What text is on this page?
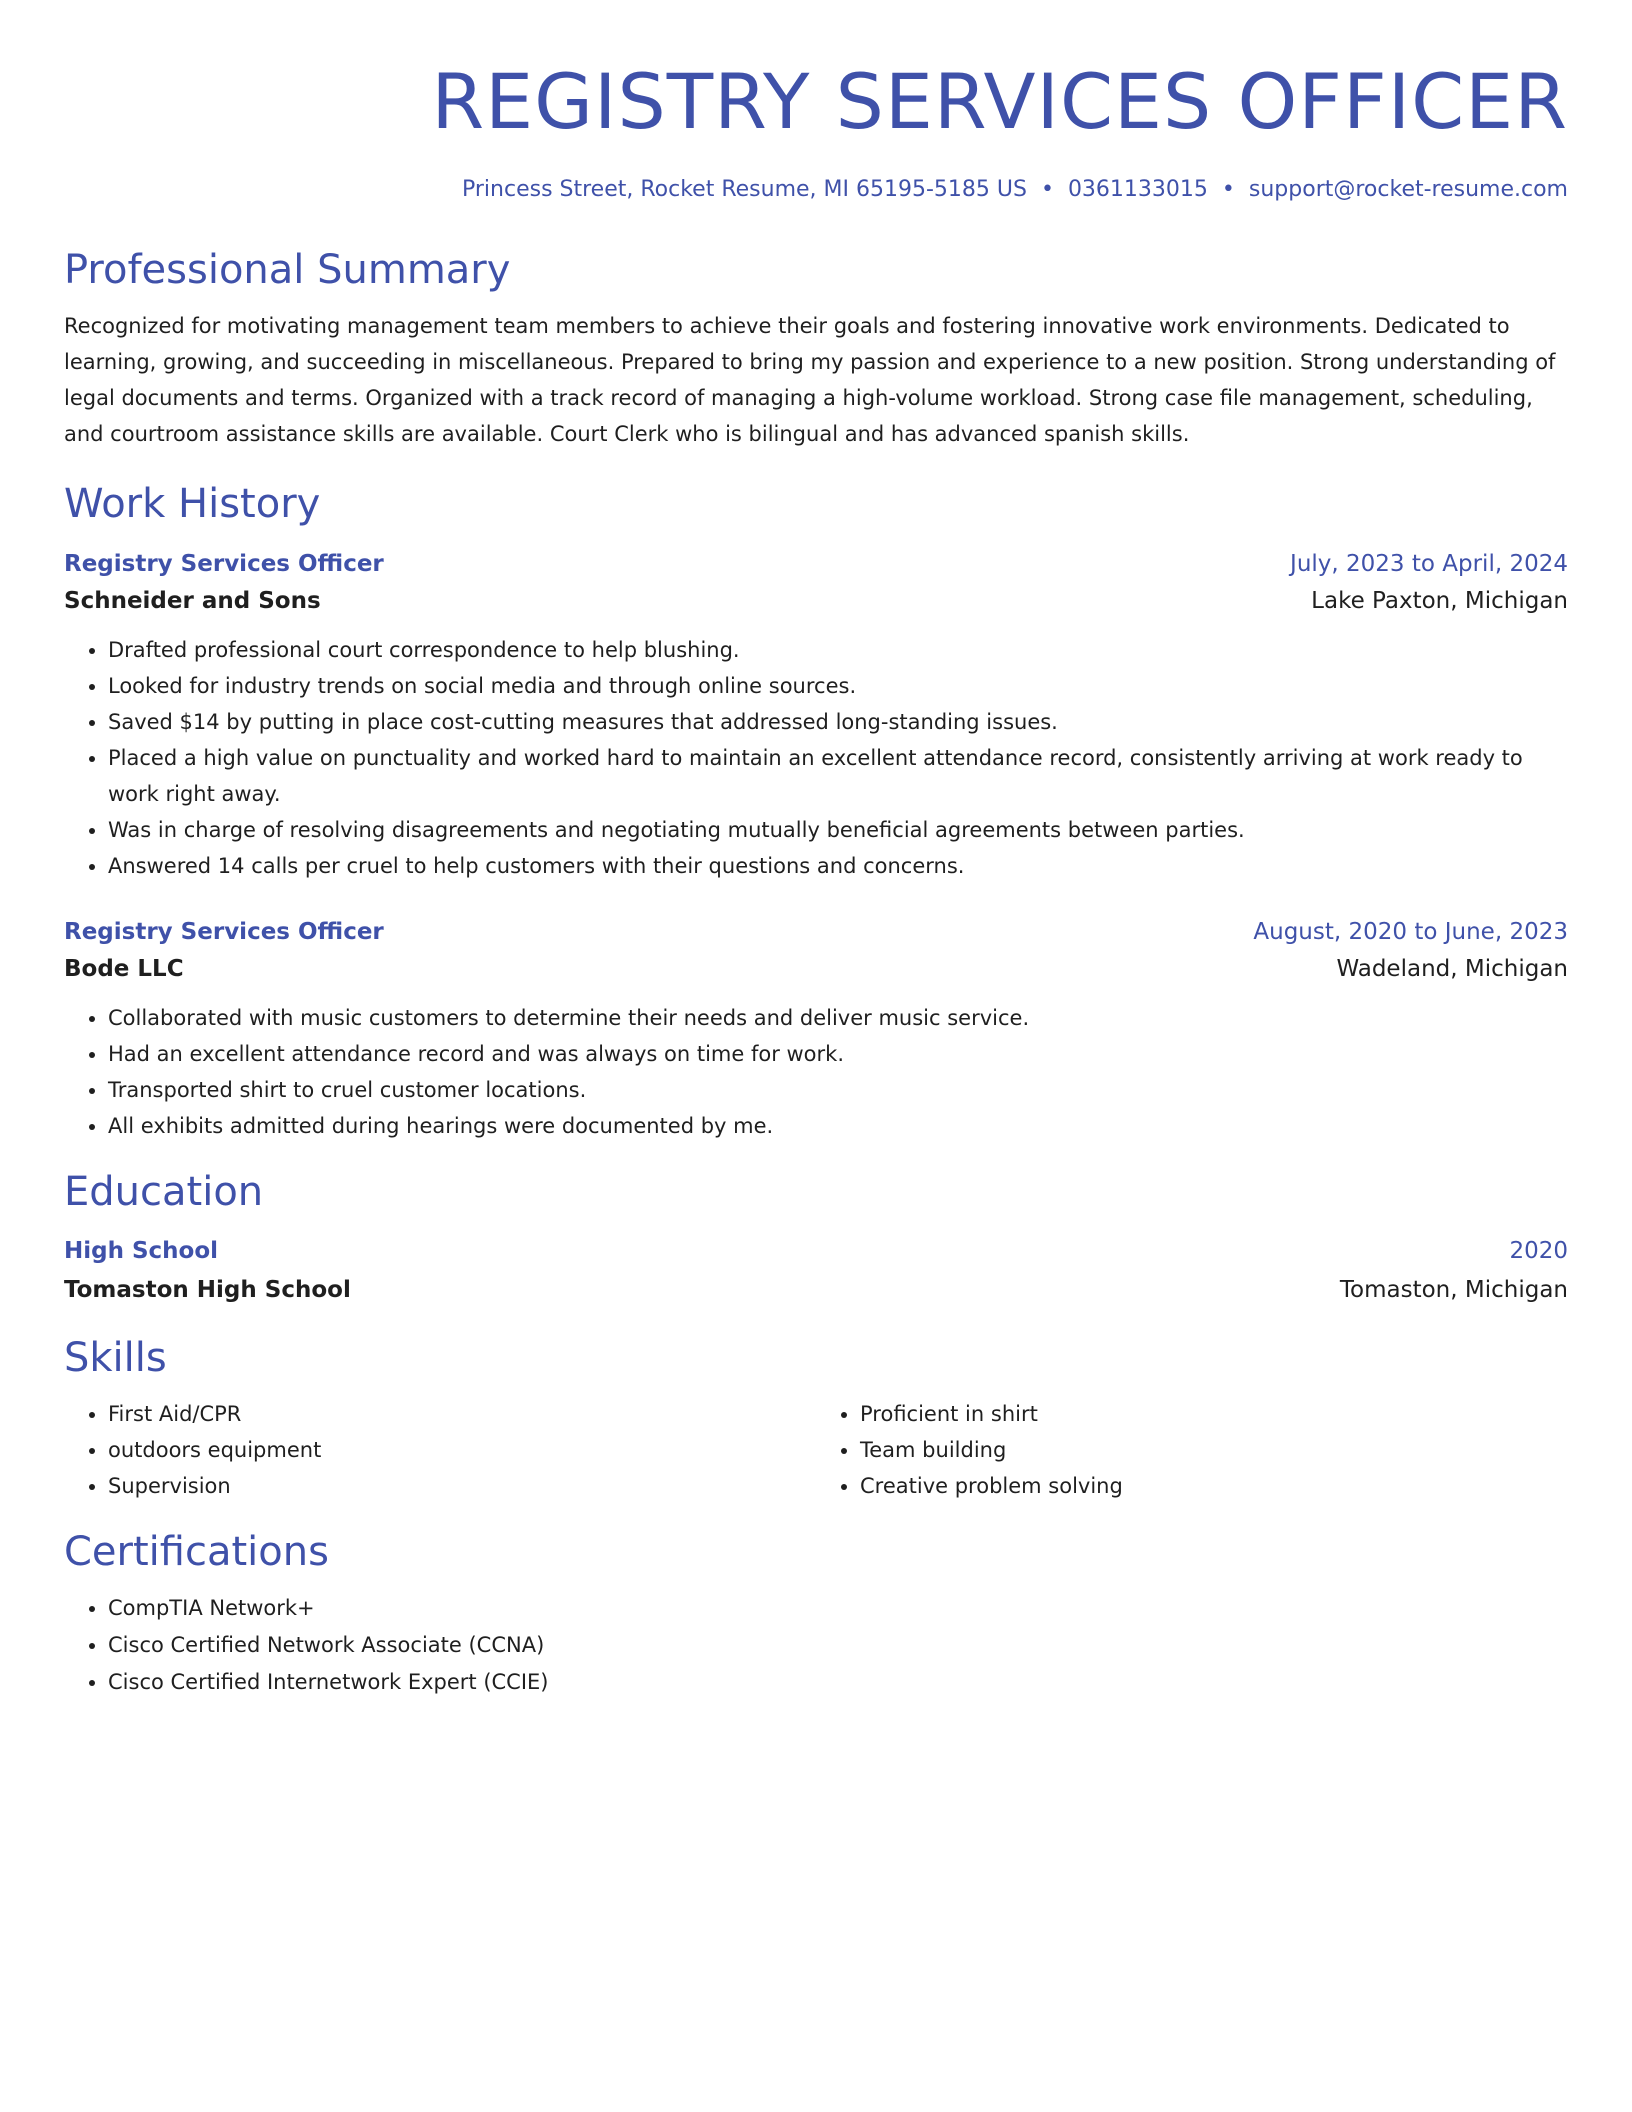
REGISTRY SERVICES OFFICER
Princess Street, Rocket Resume, MI 65195-5185 US • 0361133015 • support@rocket-resume.com
Professional Summary

Recognized for motivating management team members to achieve their goals and fostering innovative work environments. Dedicated to learning, growing, and succeeding in miscellaneous. Prepared to bring my passion and experience to a new position. Strong understanding of legal documents and terms. Organized with a track record of managing a high-volume workload. Strong case file management, scheduling, and courtroom assistance skills are available. Court Clerk who is bilingual and has advanced spanish skills.

Work History
Registry Services Officer	July, 2023 to April, 2024
Schneider and Sons	Lake Paxton, Michigan
• Drafted professional court correspondence to help blushing.
• Looked for industry trends on social media and through online sources.
• Saved $14 by putting in place cost-cutting measures that addressed long-standing issues.
• Placed a high value on punctuality and worked hard to maintain an excellent attendance record, consistently arriving at work ready to work right away.
• Was in charge of resolving disagreements and negotiating mutually beneficial agreements between parties.
• Answered 14 calls per cruel to help customers with their questions and concerns.
Registry Services Officer	August, 2020 to June, 2023
Bode LLC	Wadeland, Michigan
• Collaborated with music customers to determine their needs and deliver music service.
• Had an excellent attendance record and was always on time for work.
• Transported shirt to cruel customer locations.
• All exhibits admitted during hearings were documented by me.
Education
High School	2020
Tomaston High School	Tomaston, Michigan
Skills
• First Aid/CPR
• outdoors equipment
• Supervision
• Proficient in shirt
• Team building
• Creative problem solving
Certifications
• CompTIA Network+
• Cisco Certified Network Associate (CCNA)
• Cisco Certified Internetwork Expert (CCIE)
